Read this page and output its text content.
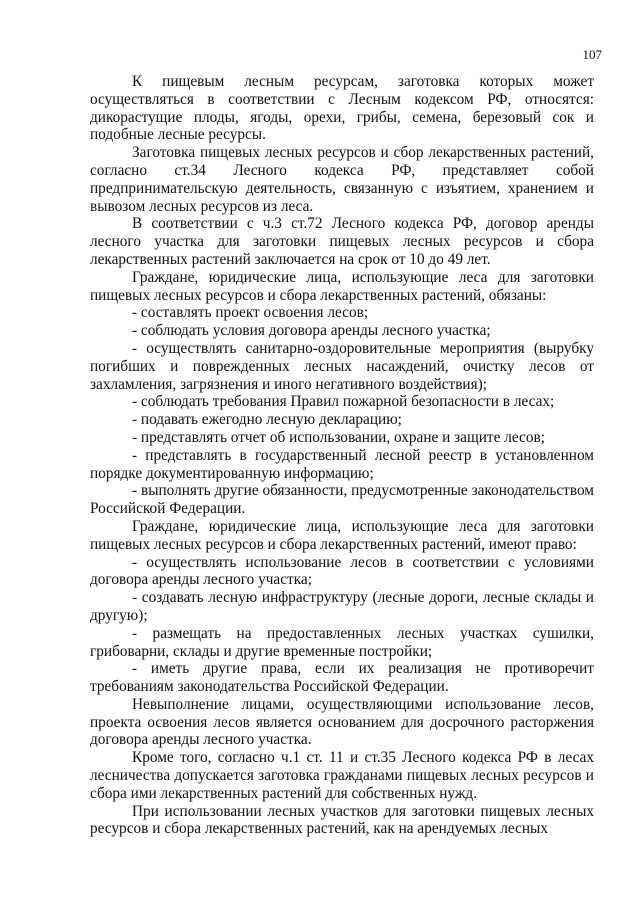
107

К пищевым лесным ресурсам, заготовка которых может осуществляться в соответствии с Лесным кодексом РФ, относятся: дикорастущие плоды, ягоды, орехи, грибы, семена, березовый сок и подобные лесные ресурсы.

Заготовка пищевых лесных ресурсов и сбор лекарственных растений, согласно ст.34 Лесного кодекса РФ, представляет собой предпринимательскую деятельность, связанную с изъятием, хранением и вывозом лесных ресурсов из леса.

В соответствии с ч.3 ст.72 Лесного кодекса РФ, договор аренды лесного участка для заготовки пищевых лесных ресурсов и сбора лекарственных растений заключается на срок от 10 до 49 лет.

Граждане, юридические лица, использующие леса для заготовки пищевых лесных ресурсов и сбора лекарственных растений, обязаны:

- составлять проект освоения лесов;

- соблюдать условия договора аренды лесного участка;

- осуществлять санитарно-оздоровительные мероприятия (вырубку погибших и поврежденных лесных насаждений, очистку лесов от захламления, загрязнения и иного негативного воздействия);

- соблюдать требования Правил пожарной безопасности в лесах;

- подавать ежегодно лесную декларацию;

- представлять отчет об использовании, охране и защите лесов;

- представлять в государственный лесной реестр в установленном порядке документированную информацию;

- выполнять другие обязанности, предусмотренные законодательством Российской Федерации.

Граждане, юридические лица, использующие леса для заготовки пищевых лесных ресурсов и сбора лекарственных растений, имеют право:

- осуществлять использование лесов в соответствии с условиями договора аренды лесного участка;

- создавать лесную инфраструктуру (лесные дороги, лесные склады и другую);

- размещать на предоставленных лесных участках сушилки, грибоварни, склады и другие временные постройки;

- иметь другие права, если их реализация не противоречит требованиям законодательства Российской Федерации.

Невыполнение лицами, осуществляющими использование лесов, проекта освоения лесов является основанием для досрочного расторжения договора аренды лесного участка.

Кроме того, согласно ч.1 ст. 11 и ст.35 Лесного кодекса РФ в лесах лесничества допускается заготовка гражданами пищевых лесных ресурсов и сбора ими лекарственных растений для собственных нужд.

При использовании лесных участков для заготовки пищевых лесных ресурсов и сбора лекарственных растений, как на арендуемых лесных
